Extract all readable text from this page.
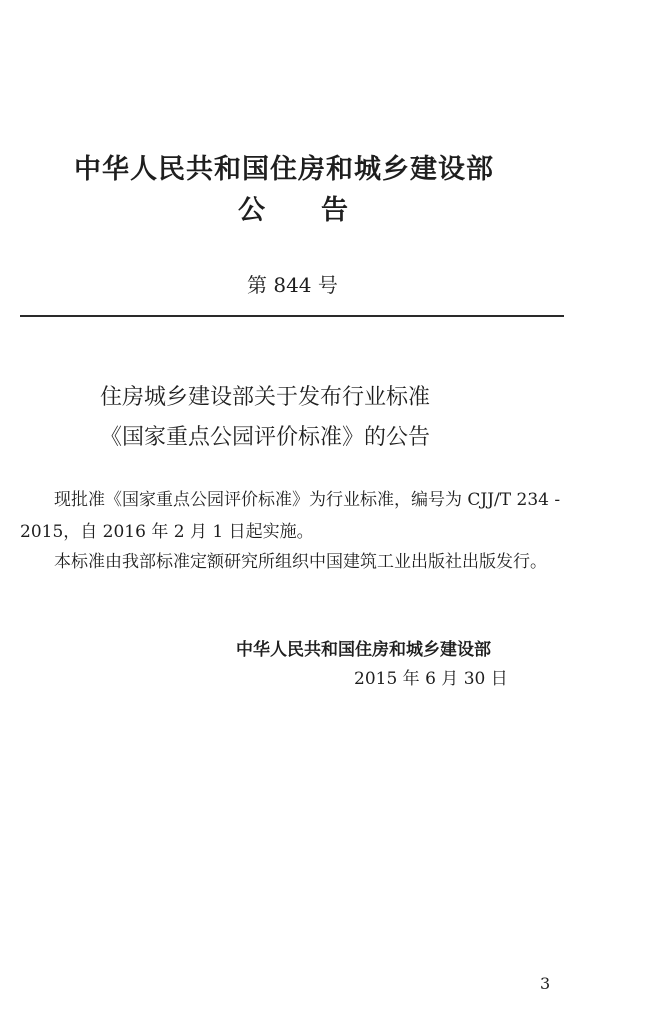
中华人民共和国住房和城乡建设部
公告
第 844 号

住房城乡建设部关于发布行业标准

《国家重点公园评价标准》的公告

现批准《国家重点公园评价标准》为行业标准，编号为 CJJ/T 234 - 2015，自 2016 年 2 月 1 日起实施。

本标准由我部标准定额研究所组织中国建筑工业出版社出版发行。

中华人民共和国住房和城乡建设部
2015 年 6 月 30 日
3
